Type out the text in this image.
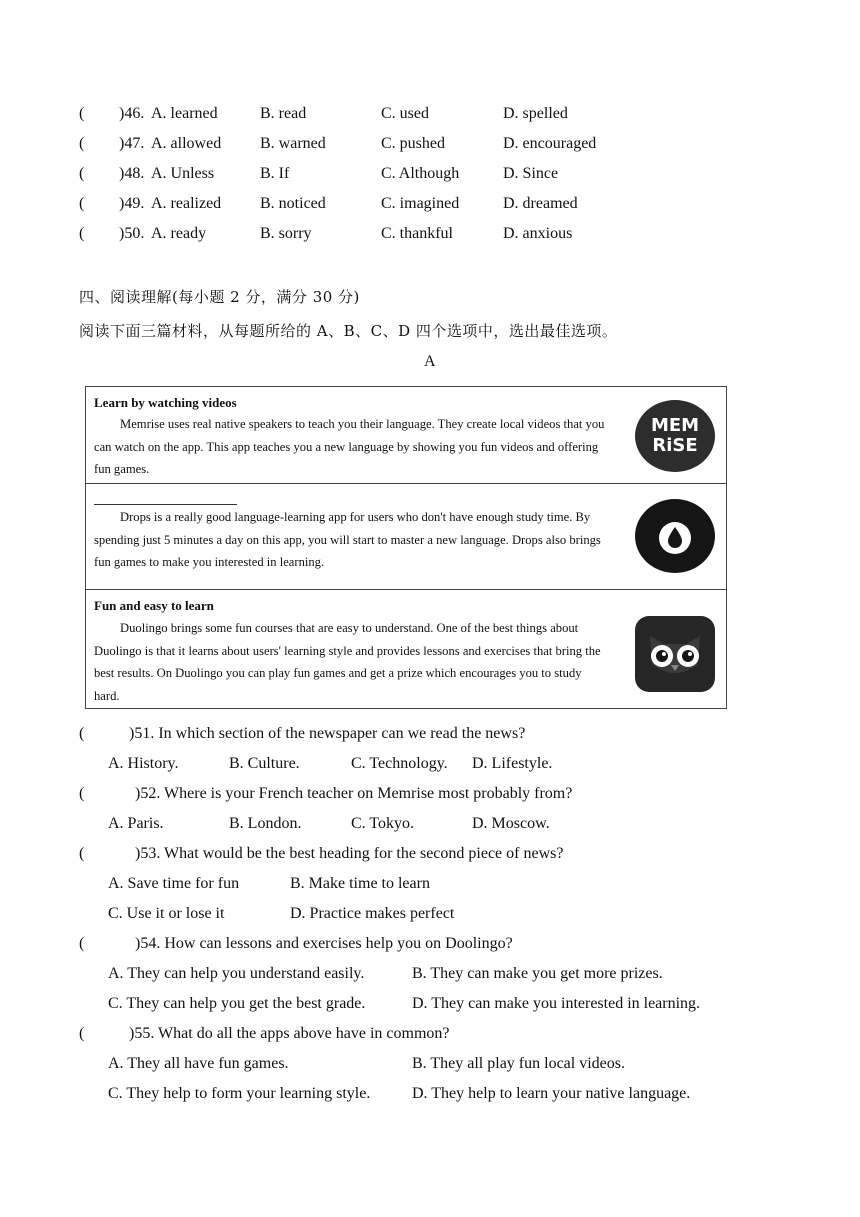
( )46. A. learned	B. read	C. used	D. spelled
( )47. A. allowed B. warned	C. pushed	D. encouraged
( )48. A. Unless	B. If	C. Although	D. Since
( )49. A. realized B. noticed	C. imagined	D. dreamed
( )50. A. ready	B. sorry	C. thankful	D. anxious
四、阅读理解(每小题 2 分，满分 30 分)
阅读下面三篇材料，从每题所给的 A、B、C、D 四个选项中，选出最佳选项。
A
Learn by watching videos

Memrise uses real native speakers to teach you their language. They create local videos that you can watch on the app. This app teaches you a new language by showing you fun videos and offering fun games.

MEM
RiSE

Drops is a really good language-learning app for users who don't have enough study time. By spending just 5 minutes a day on this app, you will start to master a new language. Drops also brings fun games to make you interested in learning.

Fun and easy to learn

Duolingo brings some fun courses that are easy to understand. One of the best things about Duolingo is that it learns about users' learning style and provides lessons and exercises that bring the best results. On Duolingo you can play fun games and get a prize which encourages you to study hard.

(	)51. In which section of the newspaper can we read the news?
A. History.	B. Culture.	C. Technology. D. Lifestyle.
(	)52. Where is your French teacher on Memrise most probably from?
A. Paris.	B. London.	C. Tokyo.	D. Moscow.
(	)53. What would be the best heading for the second piece of news?
A. Save time for fun	B. Make time to learn
C. Use it or lose it	D. Practice makes perfect
(	)54. How can lessons and exercises help you on Doolingo?
A. They can help you understand easily.	B. They can make you get more prizes.
C. They can help you get the best grade.	D. They can make you interested in learning.
(	)55. What do all the apps above have in common?
A. They all have fun games.	B. They all play fun local videos.
C. They help to form your learning style.	D. They help to learn your native language.
